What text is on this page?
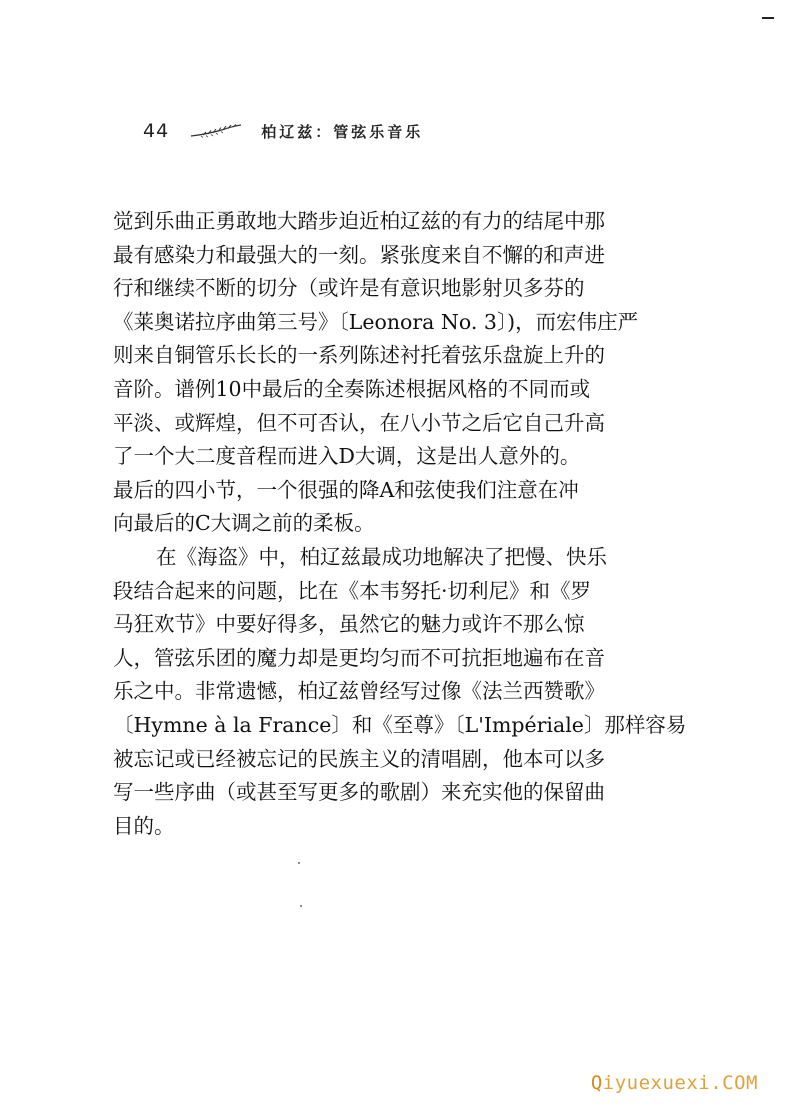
44	柏辽兹：管弦乐音乐

觉到乐曲正勇敢地大踏步迫近柏辽兹的有力的结尾中那
最有感染力和最强大的一刻。紧张度来自不懈的和声进
行和继续不断的切分（或许是有意识地影射贝多芬的
《莱奥诺拉序曲第三号》〔Leonora No. 3〕)，而宏伟庄严
则来自铜管乐长长的一系列陈述衬托着弦乐盘旋上升的
音阶。谱例10中最后的全奏陈述根据风格的不同而或
平淡、或辉煌，但不可否认，在八小节之后它自己升高
了一个大二度音程而进入D大调，这是出人意外的。
最后的四小节，一个很强的降A和弦使我们注意在冲
向最后的C大调之前的柔板。

在《海盗》中，柏辽兹最成功地解决了把慢、快乐
段结合起来的问题，比在《本韦努托·切利尼》和《罗
马狂欢节》中要好得多，虽然它的魅力或许不那么惊
人，管弦乐团的魔力却是更均匀而不可抗拒地遍布在音
乐之中。非常遗憾，柏辽兹曾经写过像《法兰西赞歌》
〔Hymne à la France〕和《至尊》〔L'Impériale〕那样容易
被忘记或已经被忘记的民族主义的清唱剧，他本可以多
写一些序曲（或甚至写更多的歌剧）来充实他的保留曲
目的。

Qiyuexuexi.COM
